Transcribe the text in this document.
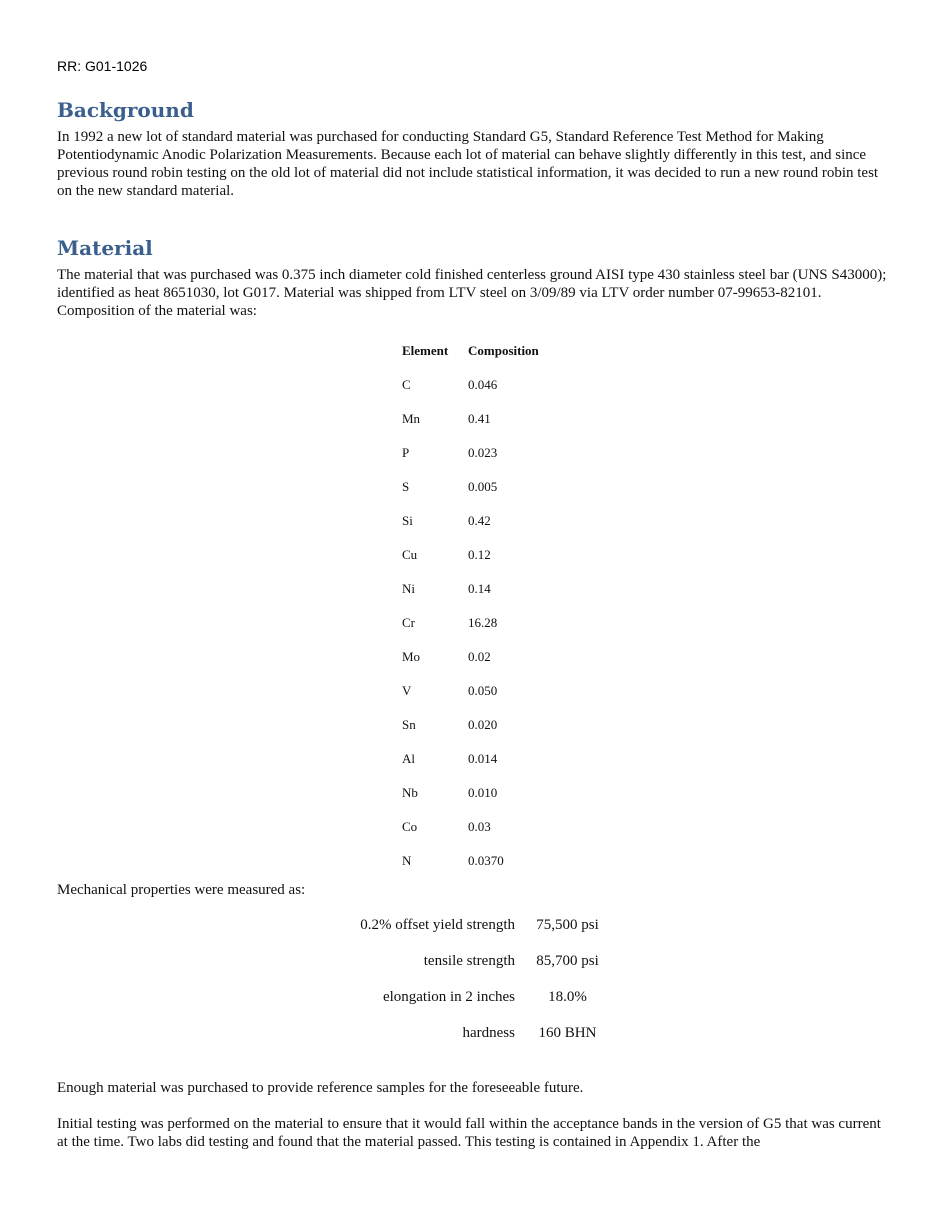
RR: G01-1026
Background

In 1992 a new lot of standard material was purchased for conducting Standard G5, Standard Reference Test Method for Making Potentiodynamic Anodic Polarization Measurements. Because each lot of material can behave slightly differently in this test, and since previous round robin testing on the old lot of material did not include statistical information, it was decided to run a new round robin test on the new standard material.

Material

The material that was purchased was 0.375 inch diameter cold finished centerless ground AISI type 430 stainless steel bar (UNS S43000); identified as heat 8651030, lot G017. Material was shipped from LTV steel on 3/09/89 via LTV order number 07-99653-82101. Composition of the material was:

Element	Composition
C	0.046
Mn	0.41
P	0.023
S	0.005
Si	0.42
Cu	0.12
Ni	0.14
Cr	16.28
Mo	0.02
V	0.050
Sn	0.020
Al	0.014
Nb	0.010
Co	0.03
N	0.0370

Mechanical properties were measured as:

0.2% offset yield strength	75,500 psi
tensile strength	85,700 psi
elongation in 2 inches	18.0%
hardness	160 BHN

Enough material was purchased to provide reference samples for the foreseeable future.

Initial testing was performed on the material to ensure that it would fall within the acceptance bands in the version of G5 that was current at the time. Two labs did testing and found that the material passed. This testing is contained in Appendix 1. After the
